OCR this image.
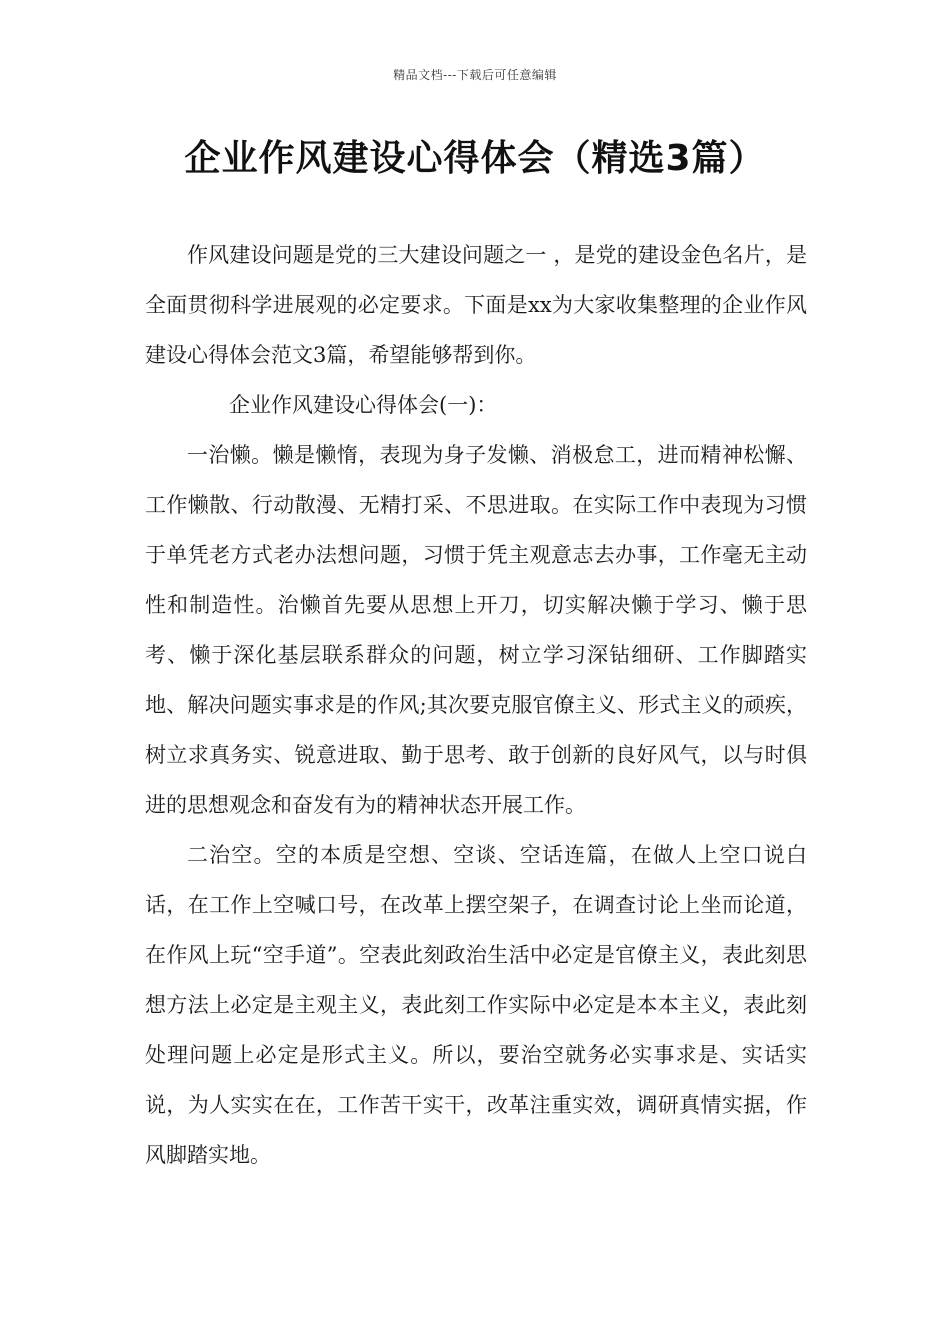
精品文档---下载后可任意编辑
企业作风建设心得体会（精选3篇）

作风建设问题是党的三大建设问题之一 ，是党的建设金色名片，是全面贯彻科学进展观的必定要求。下面是xx为大家收集整理的企业作风建设心得体会范文3篇，希望能够帮到你。

企业作风建设心得体会(一)：

一治懒。懒是懒惰，表现为身子发懒、消极怠工，进而精神松懈、工作懒散、行动散漫、无精打采、不思进取。在实际工作中表现为习惯于单凭老方式老办法想问题，习惯于凭主观意志去办事，工作毫无主动性和制造性。治懒首先要从思想上开刀，切实解决懒于学习、懒于思考、懒于深化基层联系群众的问题，树立学习深钻细研、工作脚踏实地、解决问题实事求是的作风;其次要克服官僚主义、形式主义的顽疾，树立求真务实、锐意进取、勤于思考、敢于创新的良好风气，以与时俱进的思想观念和奋发有为的精神状态开展工作。

二治空。空的本质是空想、空谈、空话连篇，在做人上空口说白话，在工作上空喊口号，在改革上摆空架子，在调查讨论上坐而论道，在作风上玩“空手道”。空表此刻政治生活中必定是官僚主义，表此刻思想方法上必定是主观主义，表此刻工作实际中必定是本本主义，表此刻处理问题上必定是形式主义。所以，要治空就务必实事求是、实话实说，为人实实在在，工作苦干实干，改革注重实效，调研真情实据，作风脚踏实地。
